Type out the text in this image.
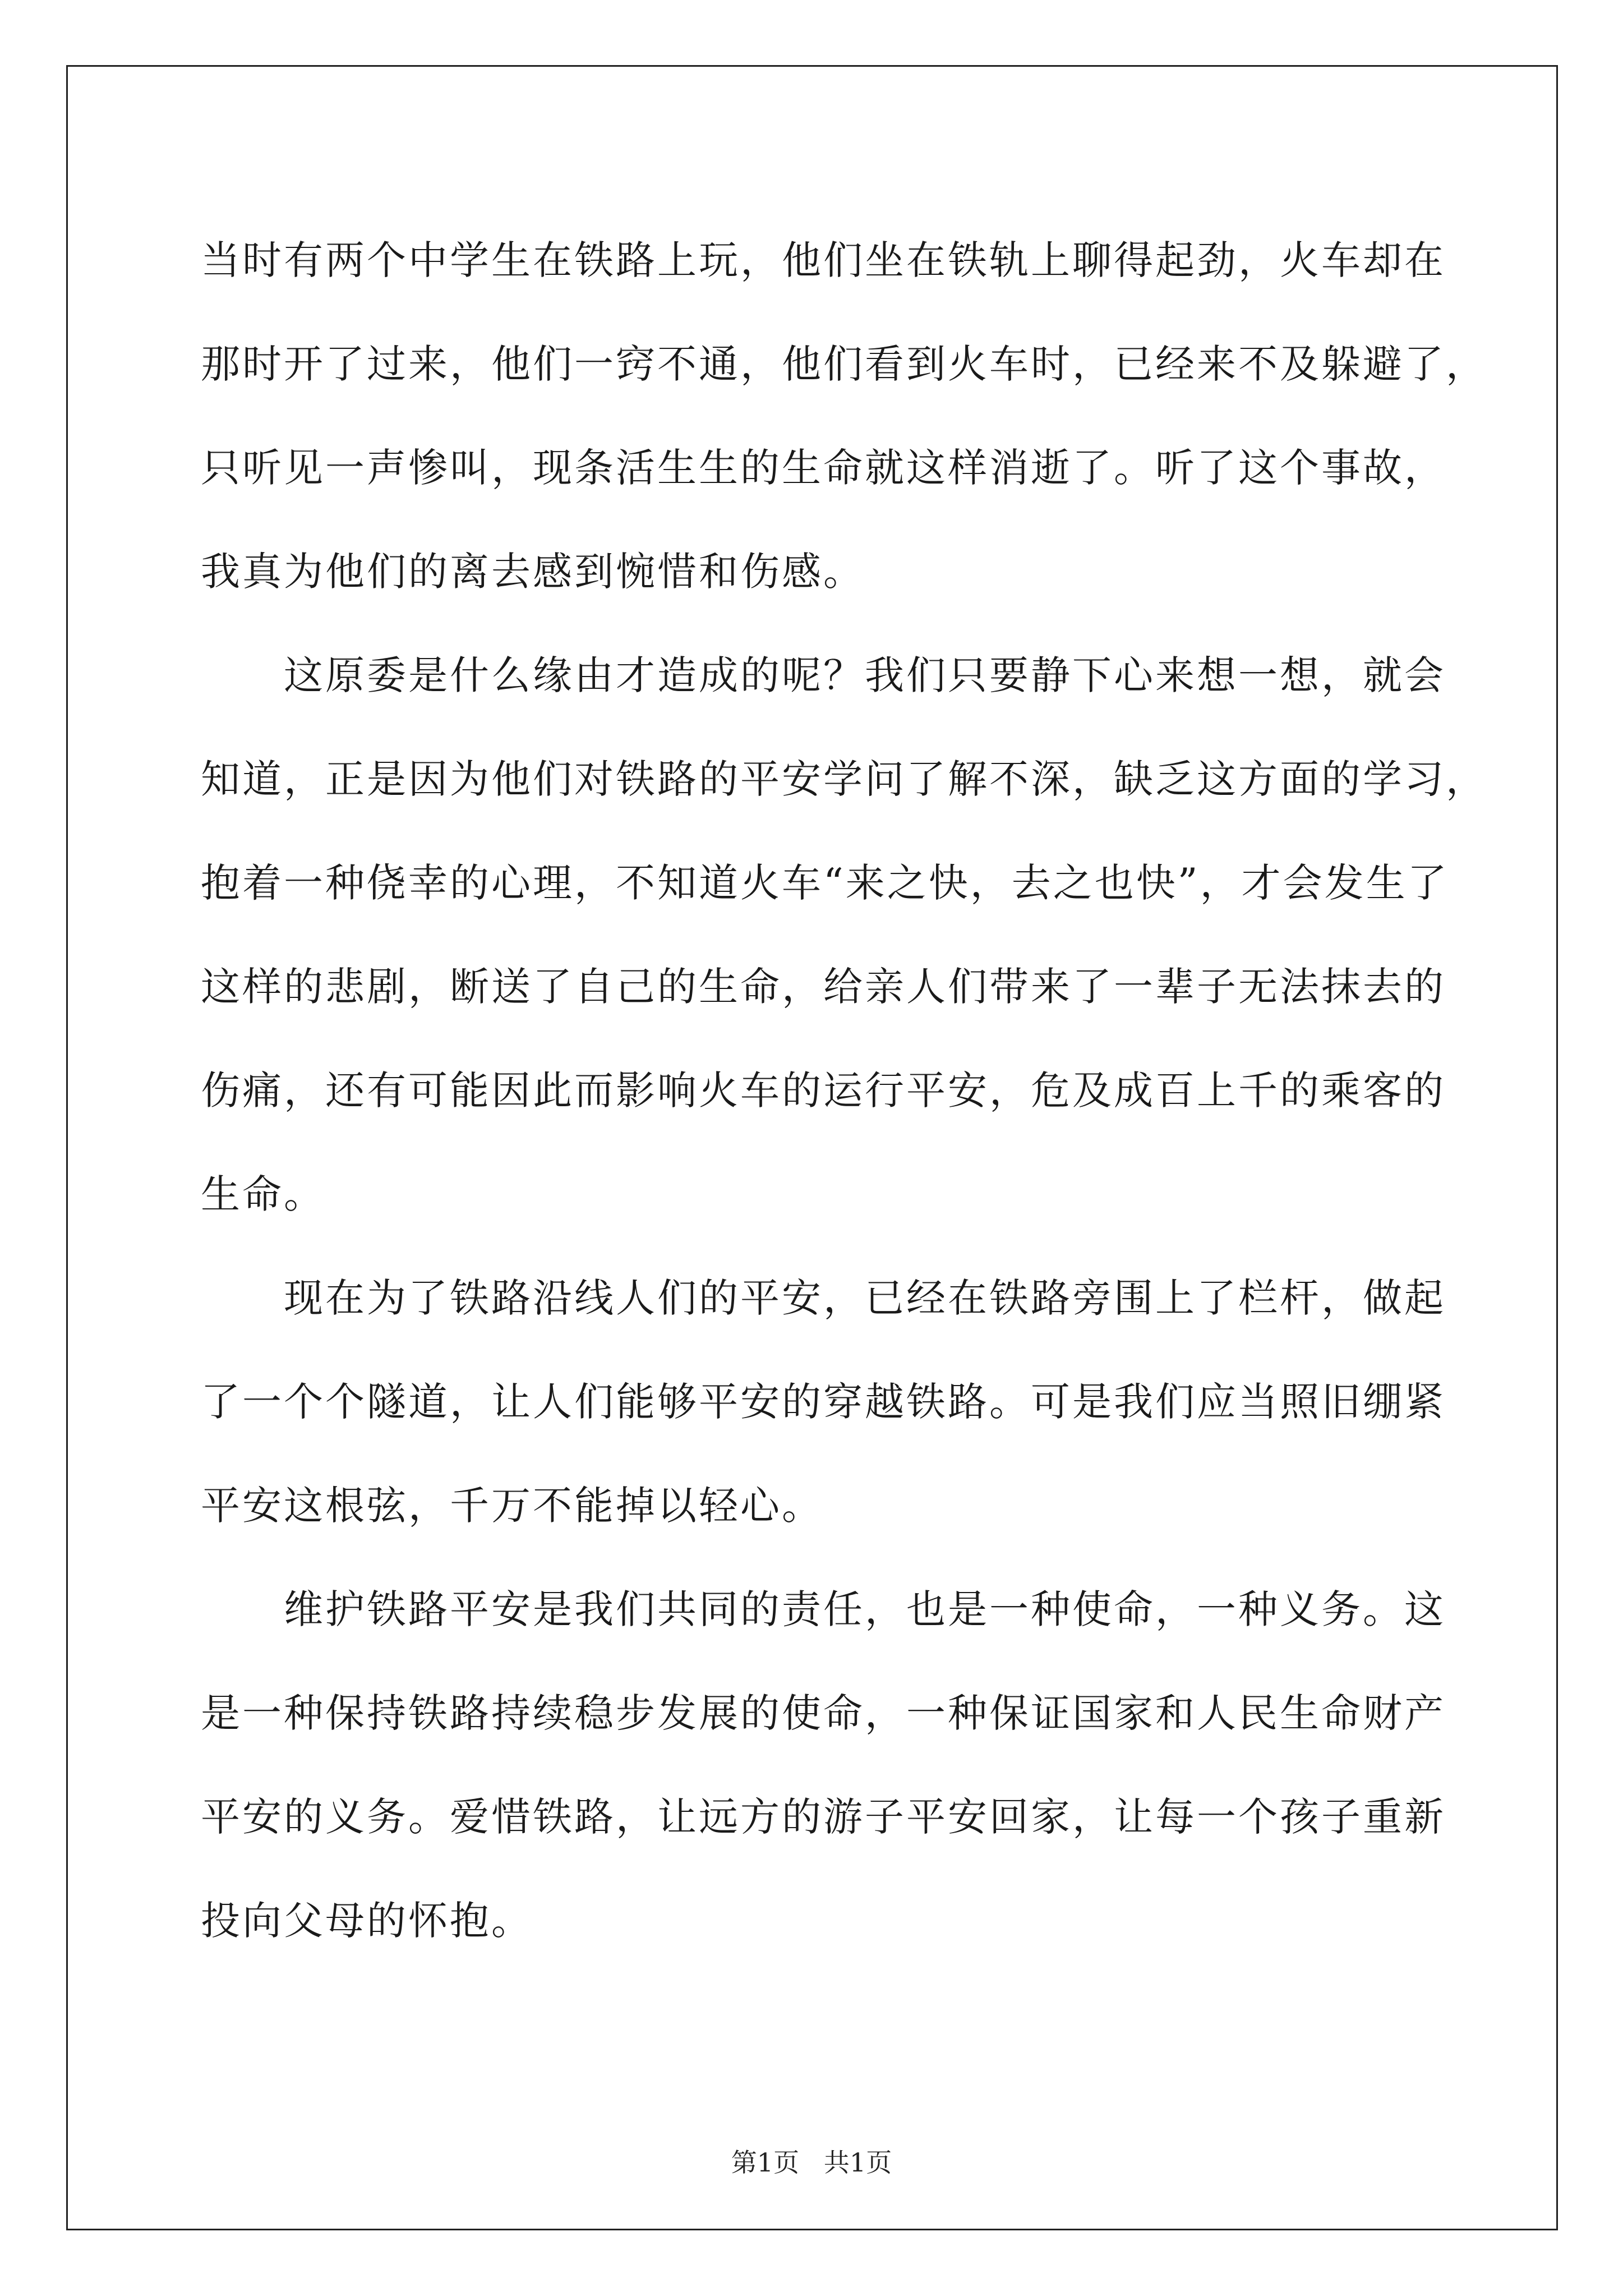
当时有两个中学生在铁路上玩，他们坐在铁轨上聊得起劲，火车却在
那时开了过来，他们一窍不通，他们看到火车时，已经来不及躲避了，
只听见一声惨叫，现条活生生的生命就这样消逝了。听了这个事故，
我真为他们的离去感到惋惜和伤感。
这原委是什么缘由才造成的呢？我们只要静下心来想一想，就会
知道，正是因为他们对铁路的平安学问了解不深，缺乏这方面的学习，
抱着一种侥幸的心理，不知道火车“来之快，去之也快”，才会发生了
这样的悲剧，断送了自己的生命，给亲人们带来了一辈子无法抹去的
伤痛，还有可能因此而影响火车的运行平安，危及成百上千的乘客的
生命。
现在为了铁路沿线人们的平安，已经在铁路旁围上了栏杆，做起
了一个个隧道，让人们能够平安的穿越铁路。可是我们应当照旧绷紧
平安这根弦，千万不能掉以轻心。
维护铁路平安是我们共同的责任，也是一种使命，一种义务。这
是一种保持铁路持续稳步发展的使命，一种保证国家和人民生命财产
平安的义务。爱惜铁路，让远方的游子平安回家，让每一个孩子重新
投向父母的怀抱。
第1页   共1页
